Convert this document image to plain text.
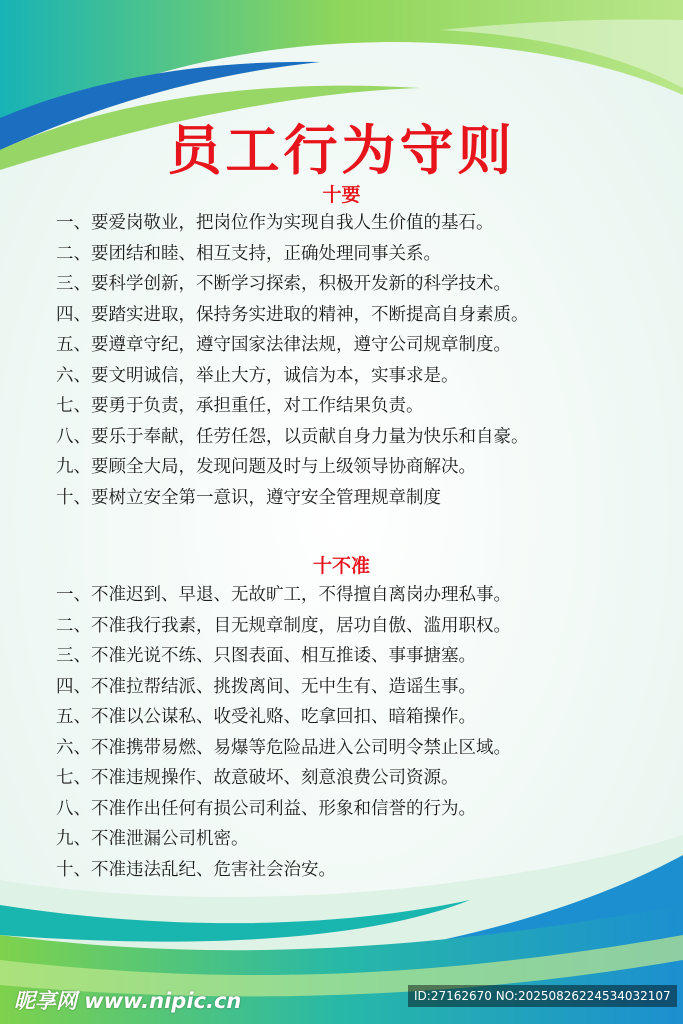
员工行为守则
十要
一、要爱岗敬业，把岗位作为实现自我人生价值的基石。
二、要团结和睦、相互支持，正确处理同事关系。
三、要科学创新，不断学习探索，积极开发新的科学技术。
四、要踏实进取，保持务实进取的精神，不断提高自身素质。
五、要遵章守纪，遵守国家法律法规，遵守公司规章制度。
六、要文明诚信，举止大方，诚信为本，实事求是。
七、要勇于负责，承担重任，对工作结果负责。
八、要乐于奉献，任劳任怨，以贡献自身力量为快乐和自豪。
九、要顾全大局，发现问题及时与上级领导协商解决。
十、要树立安全第一意识，遵守安全管理规章制度
十不准
一、不准迟到、早退、无故旷工，不得擅自离岗办理私事。
二、不准我行我素，目无规章制度，居功自傲、滥用职权。
三、不准光说不练、只图表面、相互推诿、事事搪塞。
四、不准拉帮结派、挑拨离间、无中生有、造谣生事。
五、不准以公谋私、收受礼赂、吃拿回扣、暗箱操作。
六、不准携带易燃、易爆等危险品进入公司明令禁止区域。
七、不准违规操作、故意破坏、刻意浪费公司资源。
八、不准作出任何有损公司利益、形象和信誉的行为。
九、不准泄漏公司机密。
十、不准违法乱纪、危害社会治安。
昵享网 www.nipic.cn	ID:27162670 NO:20250826224534032107
